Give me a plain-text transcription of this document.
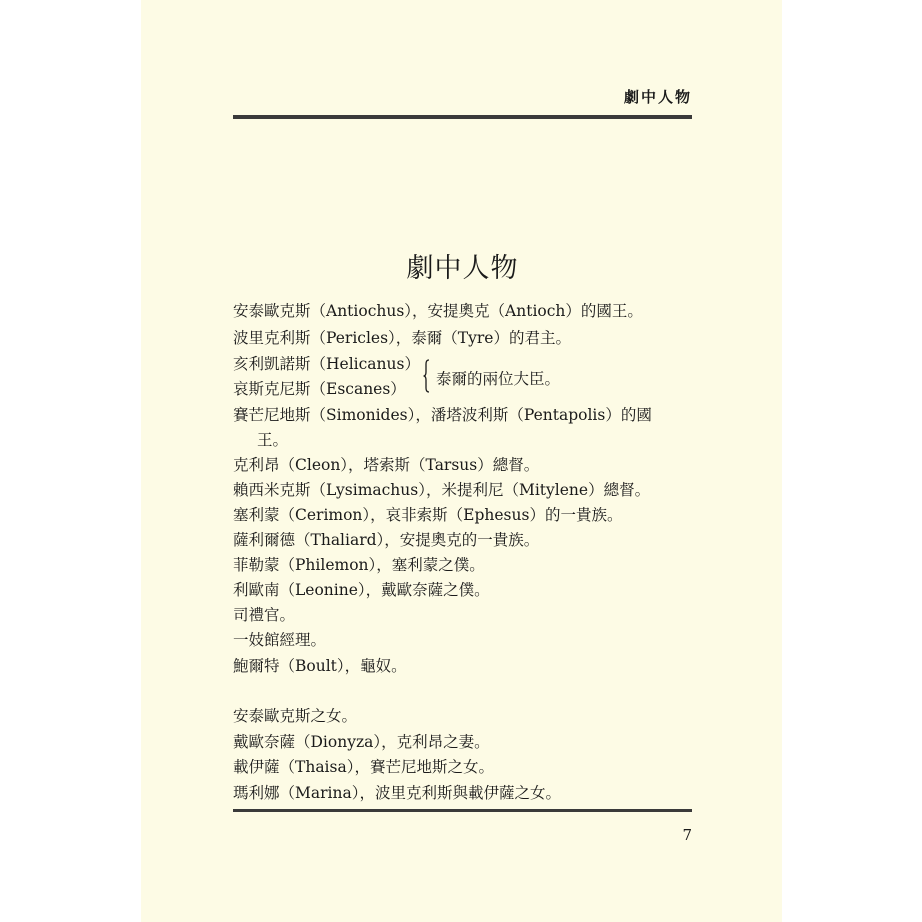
劇中人物
劇中人物
安泰歐克斯（Antiochus），安提奧克（Antioch）的國王。
波里克利斯（Pericles），泰爾（Tyre）的君主。
亥利凱諾斯（Helicanus）
哀斯克尼斯（Escanes）
泰爾的兩位大臣。
賽芒尼地斯（Simonides），潘塔波利斯（Pentapolis）的國
王。
克利昂（Cleon），塔索斯（Tarsus）總督。
賴西米克斯（Lysimachus），米提利尼（Mitylene）總督。
塞利蒙（Cerimon），哀非索斯（Ephesus）的一貴族。
薩利爾德（Thaliard），安提奧克的一貴族。
菲勒蒙（Philemon），塞利蒙之僕。
利歐南（Leonine），戴歐奈薩之僕。
司禮官。
一妓館經理。
鮑爾特（Boult），龜奴。
安泰歐克斯之女。
戴歐奈薩（Dionyza），克利昂之妻。
載伊薩（Thaisa），賽芒尼地斯之女。
瑪利娜（Marina），波里克利斯與載伊薩之女。
7
